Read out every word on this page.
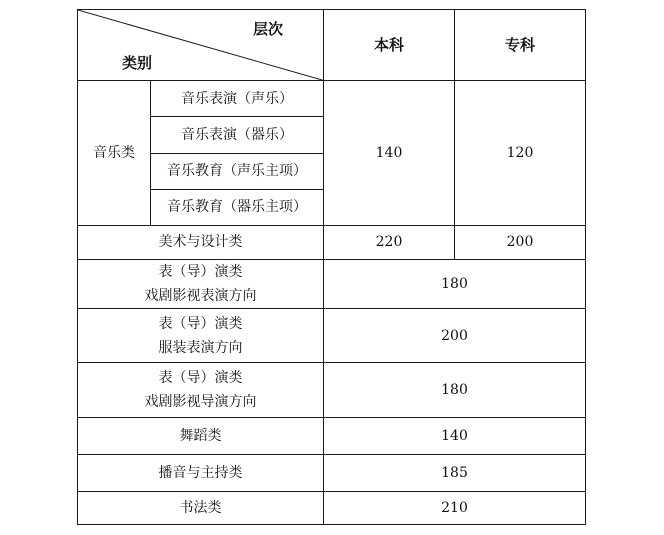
层次
类别		本科	专科
音乐类	音乐表演（声乐）	140	120
	音乐表演（器乐）		
	音乐教育（声乐主项）		
	音乐教育（器乐主项）		
美术与设计类		220	200

表（导）演类
戏剧影视表演方向		180	

表（导）演类
服装表演方向		200	

表（导）演类
戏剧影视导演方向		180	
舞蹈类		140	
播音与主持类		185	
书法类		210	
